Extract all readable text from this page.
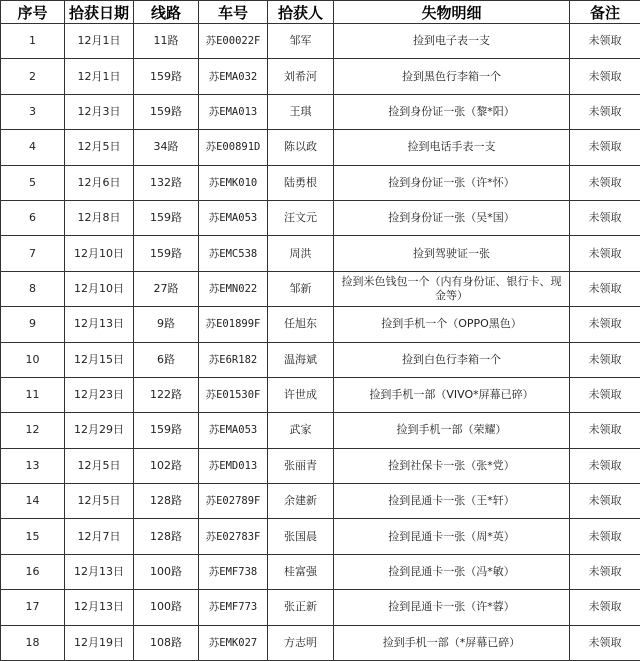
序号	拾获日期	线路	车号	拾获人	失物明细	备注
1	12月1日	11路	苏E00022F	邹军	捡到电子表一支	未领取
2	12月1日	159路	苏EMA032	刘希河	捡到黑色行李箱一个	未领取
3	12月3日	159路	苏EMA013	王琪	捡到身份证一张（黎*阳）	未领取
4	12月5日	34路	苏E00891D	陈以政	捡到电话手表一支	未领取
5	12月6日	132路	苏EMK010	陆勇根	捡到身份证一张（许*怀）	未领取
6	12月8日	159路	苏EMA053	汪文元	捡到身份证一张（吴*国）	未领取
7	12月10日	159路	苏EMC538	周洪	捡到驾驶证一张	未领取
8	12月10日	27路	苏EMN022	邹新	捡到米色钱包一个（内有身份证、银行卡、现金等）	未领取
9	12月13日	9路	苏E01899F	任旭东	捡到手机一个（OPPO黑色）	未领取
10	12月15日	6路	苏E6R182	温海斌	捡到白色行李箱一个	未领取
11	12月23日	122路	苏E01530F	许世成	捡到手机一部（VIVO*屏幕已碎）	未领取
12	12月29日	159路	苏EMA053	武家	捡到手机一部（荣耀）	未领取
13	12月5日	102路	苏EMD013	张丽青	捡到社保卡一张（张*党）	未领取
14	12月5日	128路	苏E02789F	余建新	捡到昆通卡一张（王*轩）	未领取
15	12月7日	128路	苏E02783F	张国晨	捡到昆通卡一张（周*英）	未领取
16	12月13日	100路	苏EMF738	桂富强	捡到昆通卡一张（冯*敏）	未领取
17	12月13日	100路	苏EMF773	张正新	捡到昆通卡一张（许*蓉）	未领取
18	12月19日	108路	苏EMK027	方志明	捡到手机一部（*屏幕已碎）	未领取
